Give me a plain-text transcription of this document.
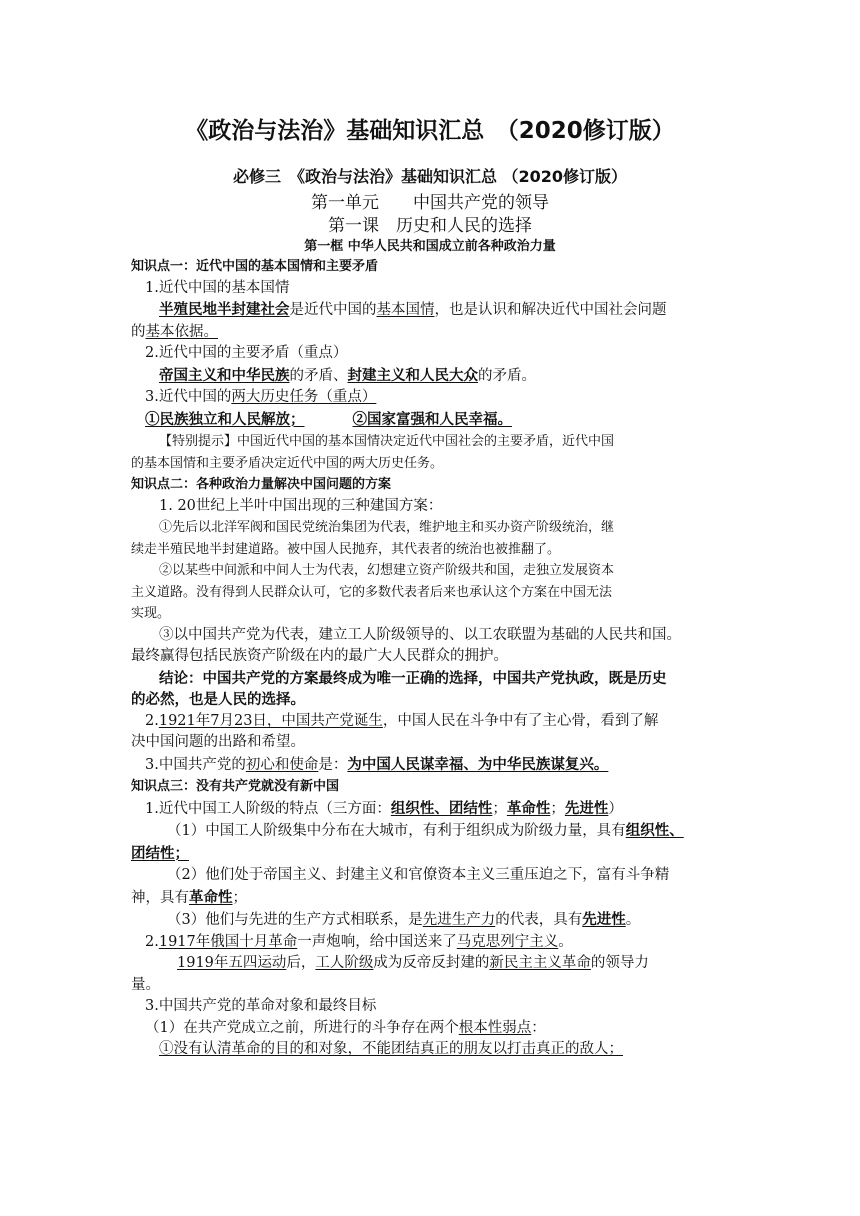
《政治与法治》基础知识汇总　（2020修订版）
必修三　《政治与法治》基础知识汇总 （2020修订版）
第一单元　　中国共产党的领导
第一课　历史和人民的选择
第一框 中华人民共和国成立前各种政治力量
知识点一：近代中国的基本国情和主要矛盾
1.近代中国的基本国情
半殖民地半封建社会是近代中国的基本国情，也是认识和解决近代中国社会问题
的基本依据。
2.近代中国的主要矛盾（重点）
帝国主义和中华民族的矛盾、封建主义和人民大众的矛盾。
3.近代中国的两大历史任务（重点）
①民族独立和人民解放；	②国家富强和人民幸福。
【特别提示】中国近代中国的基本国情决定近代中国社会的主要矛盾，近代中国
的基本国情和主要矛盾决定近代中国的两大历史任务。
知识点二：各种政治力量解决中国问题的方案
1. 20世纪上半叶中国出现的三种建国方案：
①先后以北洋军阀和国民党统治集团为代表，维护地主和买办资产阶级统治，继
续走半殖民地半封建道路。被中国人民抛弃，其代表者的统治也被推翻了。
②以某些中间派和中间人士为代表，幻想建立资产阶级共和国，走独立发展资本
主义道路。没有得到人民群众认可，它的多数代表者后来也承认这个方案在中国无法
实现。
③以中国共产党为代表，建立工人阶级领导的、以工农联盟为基础的人民共和国。
最终赢得包括民族资产阶级在内的最广大人民群众的拥护。
结论：中国共产党的方案最终成为唯一正确的选择，中国共产党执政，既是历史
的必然，也是人民的选择。
2.1921年7月23日，中国共产党诞生，中国人民在斗争中有了主心骨，看到了解
决中国问题的出路和希望。
3.中国共产党的初心和使命是：为中国人民谋幸福、为中华民族谋复兴。
知识点三：没有共产党就没有新中国
1.近代中国工人阶级的特点（三方面：组织性、团结性；革命性；先进性）
（1）中国工人阶级集中分布在大城市，有利于组织成为阶级力量，具有组织性、
团结性；
（2）他们处于帝国主义、封建主义和官僚资本主义三重压迫之下，富有斗争精
神，具有革命性；
（3）他们与先进的生产方式相联系，是先进生产力的代表，具有先进性。
2.1917年俄国十月革命一声炮响，给中国送来了马克思列宁主义。
1919年五四运动后，工人阶级成为反帝反封建的新民主主义革命的领导力
量。
3.中国共产党的革命对象和最终目标
（1）在共产党成立之前，所进行的斗争存在两个根本性弱点：
①没有认清革命的目的和对象，不能团结真正的朋友以打击真正的敌人；
